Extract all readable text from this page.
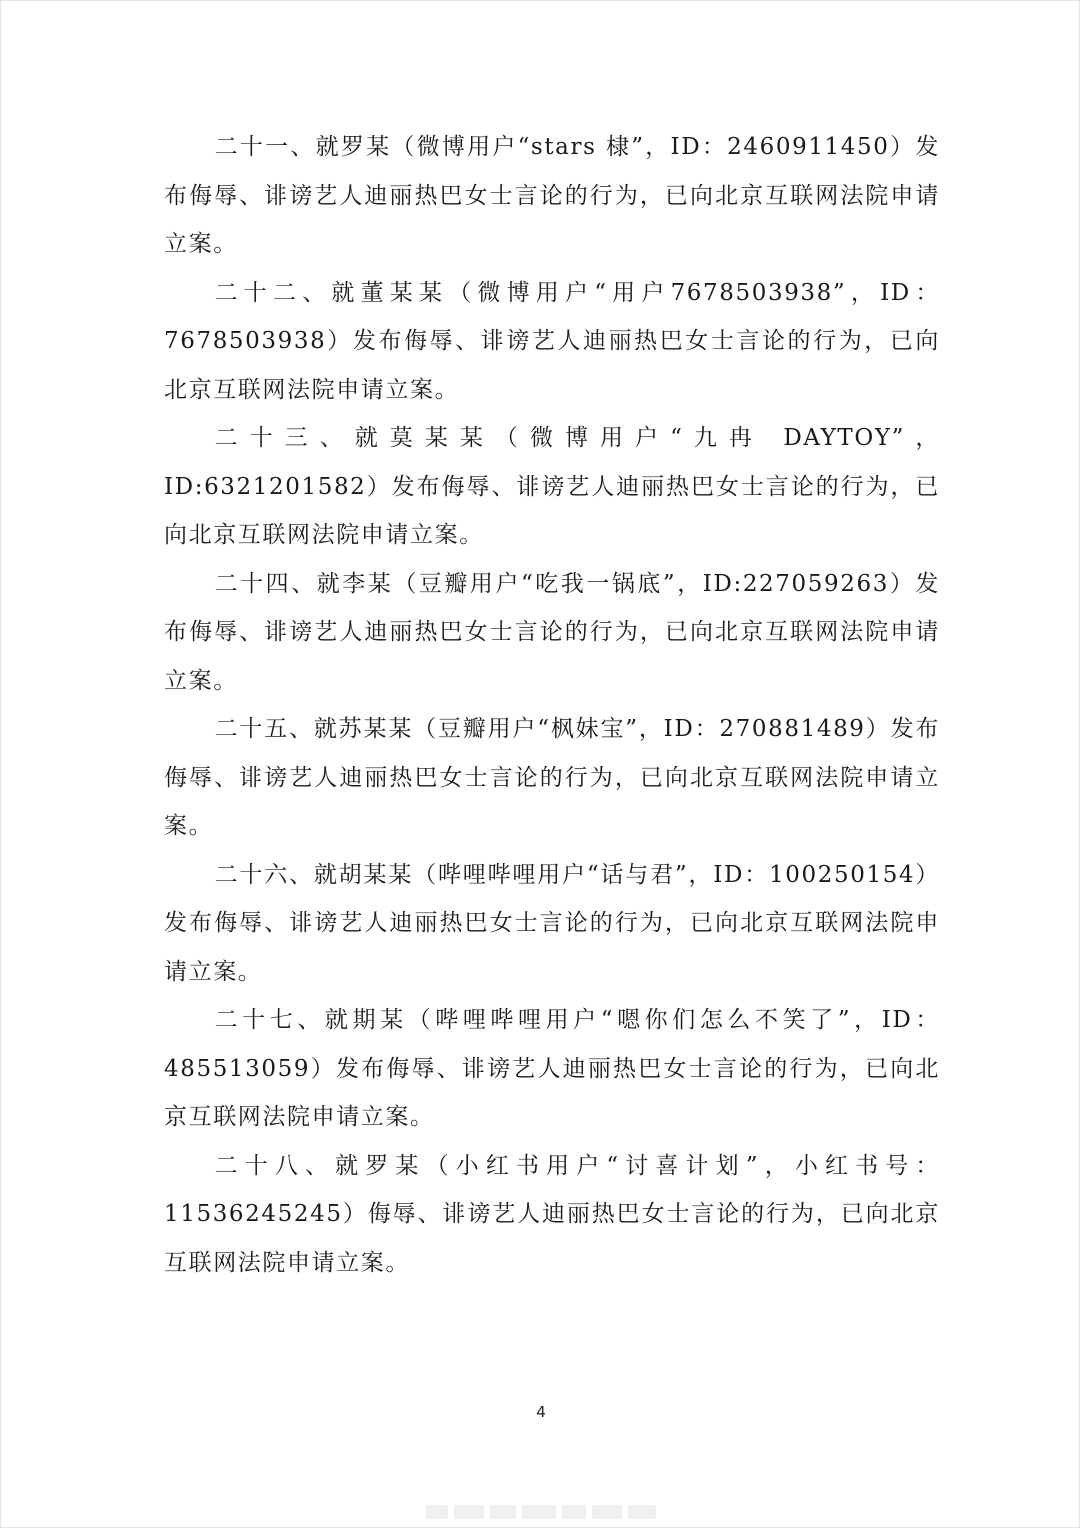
二十一、就罗某（微博用户“stars 棣”，ID：2460911450）发布侮辱、诽谤艺人迪丽热巴女士言论的行为，已向北京互联网法院申请立案。

二十二、就董某某（微博用户“用户7678503938”，ID：7678503938）发布侮辱、诽谤艺人迪丽热巴女士言论的行为，已向北京互联网法院申请立案。

二十三、就莫某某（微博用户“九冉 DAYTOY”，ID:6321201582）发布侮辱、诽谤艺人迪丽热巴女士言论的行为，已向北京互联网法院申请立案。

二十四、就李某（豆瓣用户“吃我一锅底”，ID:227059263）发布侮辱、诽谤艺人迪丽热巴女士言论的行为，已向北京互联网法院申请立案。

二十五、就苏某某（豆瓣用户“枫妹宝”，ID：270881489）发布侮辱、诽谤艺人迪丽热巴女士言论的行为，已向北京互联网法院申请立案。

二十六、就胡某某（哔哩哔哩用户“话与君”，ID：100250154）发布侮辱、诽谤艺人迪丽热巴女士言论的行为，已向北京互联网法院申请立案。

二十七、就期某（哔哩哔哩用户“嗯你们怎么不笑了”，ID：485513059）发布侮辱、诽谤艺人迪丽热巴女士言论的行为，已向北京互联网法院申请立案。

二十八、就罗某（小红书用户“讨喜计划”，小红书号：11536245245）侮辱、诽谤艺人迪丽热巴女士言论的行为，已向北京互联网法院申请立案。

4
